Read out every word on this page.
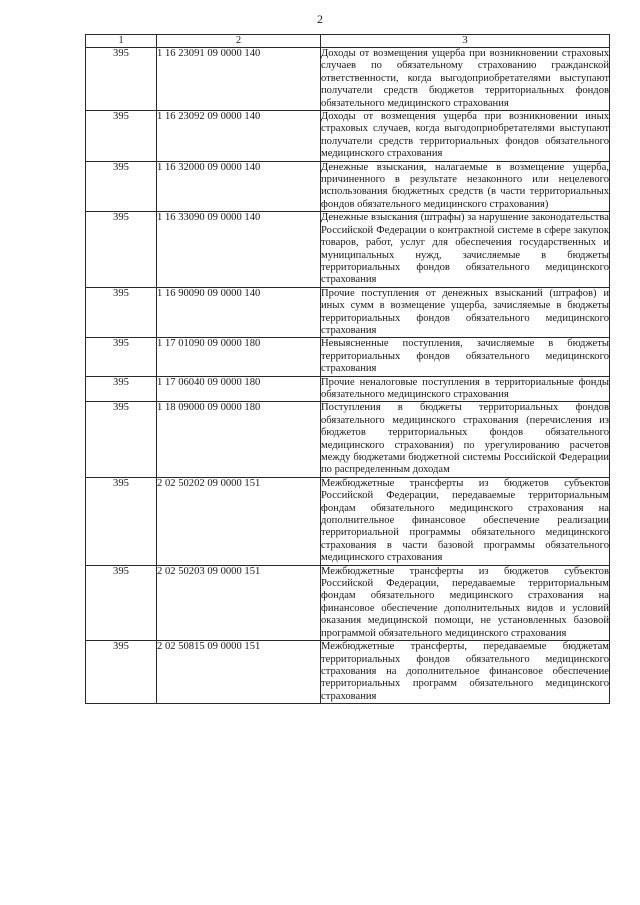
2
1	2	3
395	1 16 23091 09 0000 140	Доходы от возмещения ущерба при возникновении страховых случаев по обязательному страхованию гражданской ответственности, когда выгодоприобретателями выступают получатели средств бюджетов территориальных фондов обязательного медицинского страхования
395	1 16 23092 09 0000 140	Доходы от возмещения ущерба при возникновении иных страховых случаев, когда выгодоприобретателями выступают получатели средств территориальных фондов обязательного медицинского страхования
395	1 16 32000 09 0000 140	Денежные взыскания, налагаемые в возмещение ущерба, причиненного в результате незаконного или нецелевого использования бюджетных средств (в части территориальных фондов обязательного медицинского страхования)
395	1 16 33090 09 0000 140	Денежные взыскания (штрафы) за нарушение законодательства Российской Федерации о контрактной системе в сфере закупок товаров, работ, услуг для обеспечения государственных и муниципальных нужд, зачисляемые в бюджеты территориальных фондов обязательного медицинского страхования
395	1 16 90090 09 0000 140	Прочие поступления от денежных взысканий (штрафов) и иных сумм в возмещение ущерба, зачисляемые в бюджеты территориальных фондов обязательного медицинского страхования
395	1 17 01090 09 0000 180	Невыясненные поступления, зачисляемые в бюджеты территориальных фондов обязательного медицинского страхования
395	1 17 06040 09 0000 180	Прочие неналоговые поступления в территориальные фонды обязательного медицинского страхования
395	1 18 09000 09 0000 180	Поступления в бюджеты территориальных фондов обязательного медицинского страхования (перечисления из бюджетов территориальных фондов обязательного медицинского страхования) по урегулированию расчетов между бюджетами бюджетной системы Российской Федерации по распределенным доходам
395	2 02 50202 09 0000 151	Межбюджетные трансферты из бюджетов субъектов Российской Федерации, передаваемые территориальным фондам обязательного медицинского страхования на дополнительное финансовое обеспечение реализации территориальной программы обязательного медицинского страхования в части базовой программы обязательного медицинского страхования
395	2 02 50203 09 0000 151	Межбюджетные трансферты из бюджетов субъектов Российской Федерации, передаваемые территориальным фондам обязательного медицинского страхования на финансовое обеспечение дополнительных видов и условий оказания медицинской помощи, не установленных базовой программой обязательного медицинского страхования
395	2 02 50815 09 0000 151	Межбюджетные трансферты, передаваемые бюджетам территориальных фондов обязательного медицинского страхования на дополнительное финансовое обеспечение территориальных программ обязательного медицинского страхования
